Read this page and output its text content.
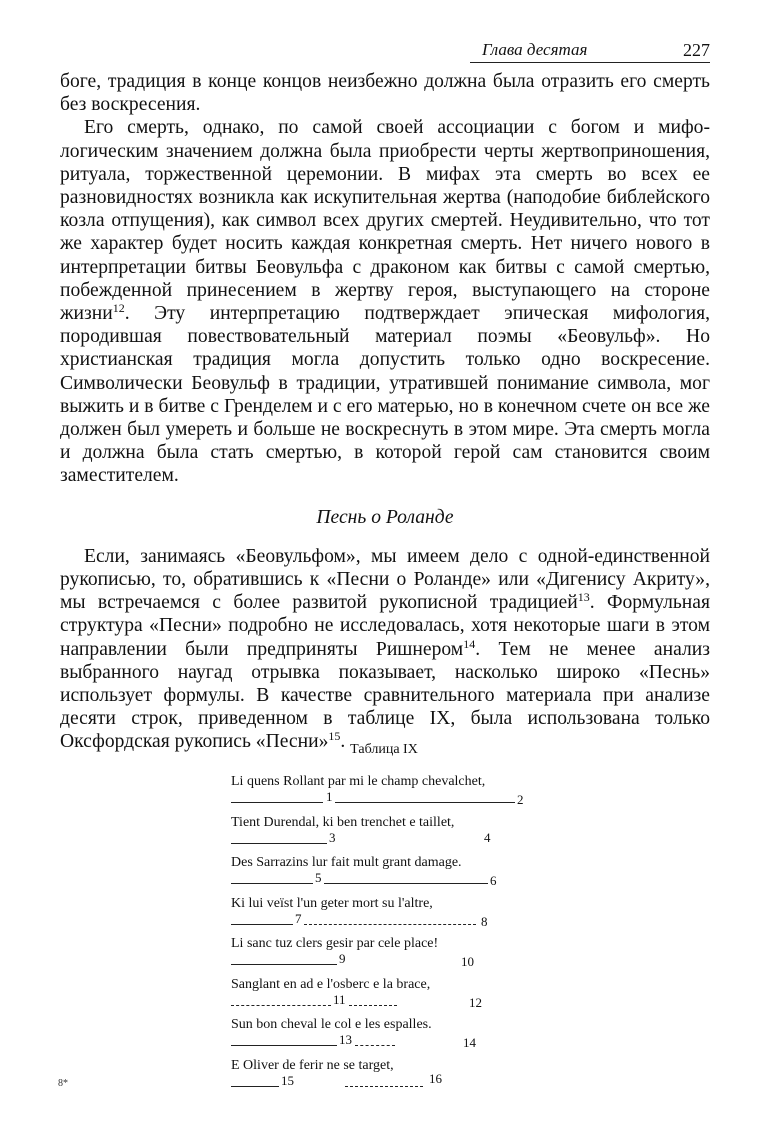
Глава десятая	227

боге, традиция в конце концов неизбежно должна была отразить его смерть без воскресения.

Его смерть, однако, по самой своей ассоциации с богом и мифологическим значением должна была приобрести черты жертвоприношения, ритуала, торжественной церемонии. В мифах эта смерть во всех ее разновидностях возникла как искупительная жертва (наподобие библейского козла отпущения), как символ всех других смертей. Неудивительно, что тот же характер будет носить каждая конкретная смерть. Нет ничего нового в интерпретации битвы Беовульфа с драконом как битвы с самой смертью, побежденной принесением в жертву героя, выступающего на стороне жизни$^{12}$. Эту интерпретацию подтверждает эпическая мифология, породившая повествовательный материал поэмы «Беовульф». Но христианская традиция могла допустить только одно воскресение. Символически Беовульф в традиции, утратившей понимание символа, мог выжить и в битве с Гренделем и с его матерью, но в конечном счете он все же должен был умереть и больше не воскреснуть в этом мире. Эта смерть могла и должна была стать смертью, в которой герой сам становится своим заместителем.

Песнь о Роланде

Если, занимаясь «Беовульфом», мы имеем дело с одной-единственной рукописью, то, обратившись к «Песни о Роланде» или «Дигенису Акриту», мы встречаемся с более развитой рукописной традицией$^{13}$. Формульная структура «Песни» подробно не исследовалась, хотя некоторые шаги в этом направлении были предприняты Ришнером$^{14}$. Тем не менее анализ выбранного наугад отрывка показывает, насколько широко «Песнь» использует формулы. В качестве сравнительного материала при анализе десяти строк, приведенном в таблице IX, была использована только Оксфордская рукопись «Песни»$^{15}$. Таблица IX
Li quens Rollant par mi le champ chevalchet,
1	2
Tient Durendal, ki ben trenchet e taillet,
3	4
Des Sarrazins lur fait mult grant damage.
5	6
Ki lui veïst l'un geter mort su l'altre,
7	8
Li sanc tuz clers gesir par cele place!
9	10
Sanglant en ad e l'osberc e la brace,
11	12
Sun bon cheval le col e les espalles.
13	14
E Oliver de ferir ne se target,
15	16
8*
